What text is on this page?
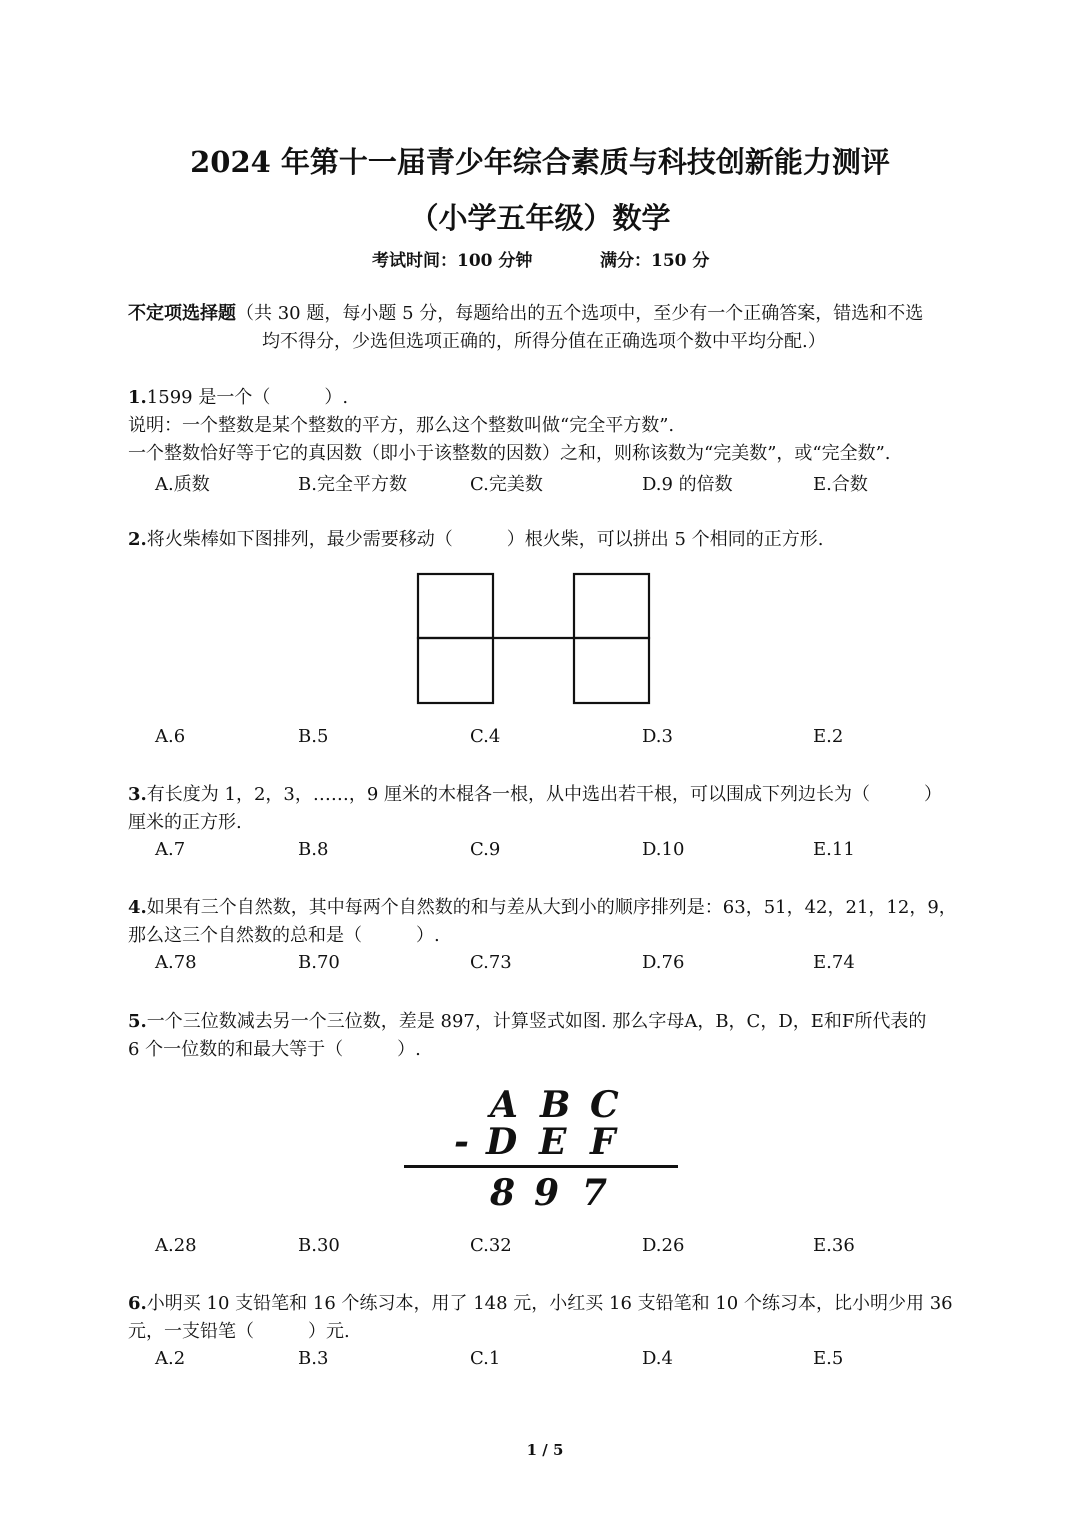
2024 年第十一届青少年综合素质与科技创新能力测评
（小学五年级）数学
考试时间：100 分钟	满分：150 分
不定项选择题（共 30 题，每小题 5 分，每题给出的五个选项中，至少有一个正确答案，错选和不选
均不得分，少选但选项正确的，所得分值在正确选项个数中平均分配.）
1.1599 是一个（　　　）.
说明：一个整数是某个整数的平方，那么这个整数叫做“完全平方数”.
一个整数恰好等于它的真因数（即小于该整数的因数）之和，则称该数为“完美数”，或“完全数”.
A.质数	B.完全平方数	C.完美数	D.9 的倍数	E.合数
2.将火柴棒如下图排列，最少需要移动（　　　）根火柴，可以拼出 5 个相同的正方形.
A.6	B.5	C.4	D.3	E.2
3.有长度为 1，2，3，……，9 厘米的木棍各一根，从中选出若干根，可以围成下列边长为（　　　）
厘米的正方形.
A.7	B.8	C.9	D.10	E.11
4.如果有三个自然数，其中每两个自然数的和与差从大到小的顺序排列是：63，51，42，21，12，9，
那么这三个自然数的总和是（　　　）.
A.78	B.70	C.73	D.76	E.74
5.一个三位数减去另一个三位数，差是 897，计算竖式如图. 那么字母A，B，C，D，E和F所代表的
6 个一位数的和最大等于（　　　）.
A B C
- D E F
8 9 7
A.28	B.30	C.32	D.26	E.36
6.小明买 10 支铅笔和 16 个练习本，用了 148 元，小红买 16 支铅笔和 10 个练习本，比小明少用 36
元，一支铅笔（　　　）元.
A.2	B.3	C.1	D.4	E.5
1 / 5
